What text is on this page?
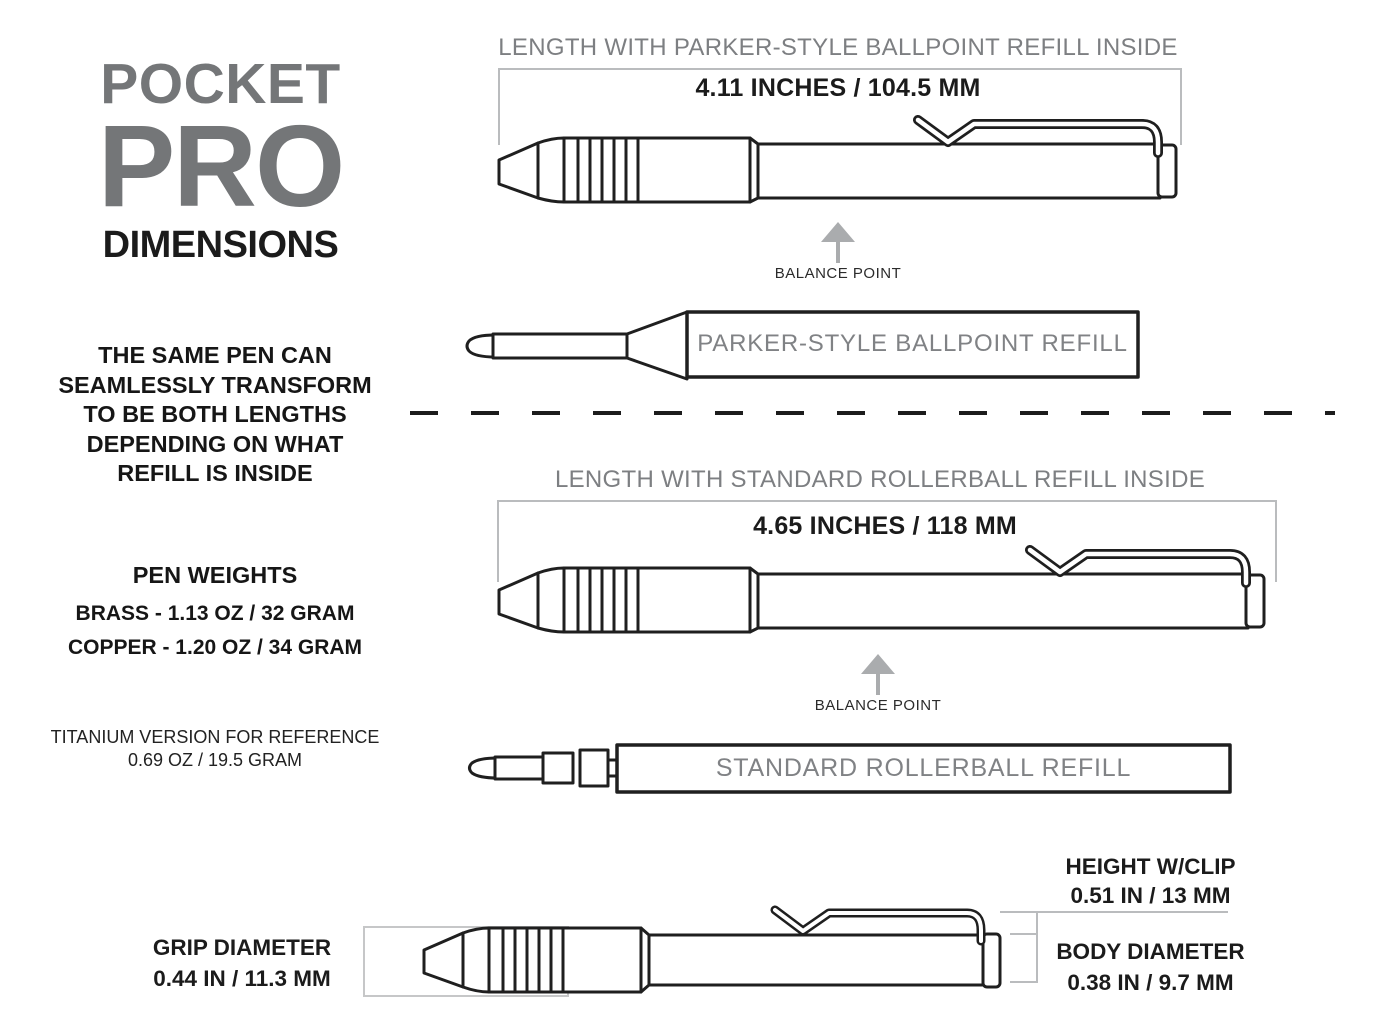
POCKET
PRO
DIMENSIONS
LENGTH WITH PARKER-STYLE BALLPOINT REFILL INSIDE
4.11 INCHES / 104.5 MM
BALANCE POINT
PARKER-STYLE BALLPOINT REFILL
THE SAME PEN CAN
SEAMLESSLY TRANSFORM
TO BE BOTH LENGTHS
DEPENDING ON WHAT
REFILL IS INSIDE	LENGTH WITH STANDARD ROLLERBALL REFILL INSIDE
4.65 INCHES / 118 MM
BALANCE POINT
STANDARD ROLLERBALL REFILL
PEN WEIGHTS
BRASS - 1.13 OZ / 32 GRAM
COPPER - 1.20 OZ / 34 GRAM
TITANIUM VERSION FOR REFERENCE
0.69 OZ / 19.5 GRAM
GRIP DIAMETER
0.44 IN / 11.3 MM
HEIGHT W/CLIP
0.51 IN / 13 MM
BODY DIAMETER
0.38 IN / 9.7 MM
